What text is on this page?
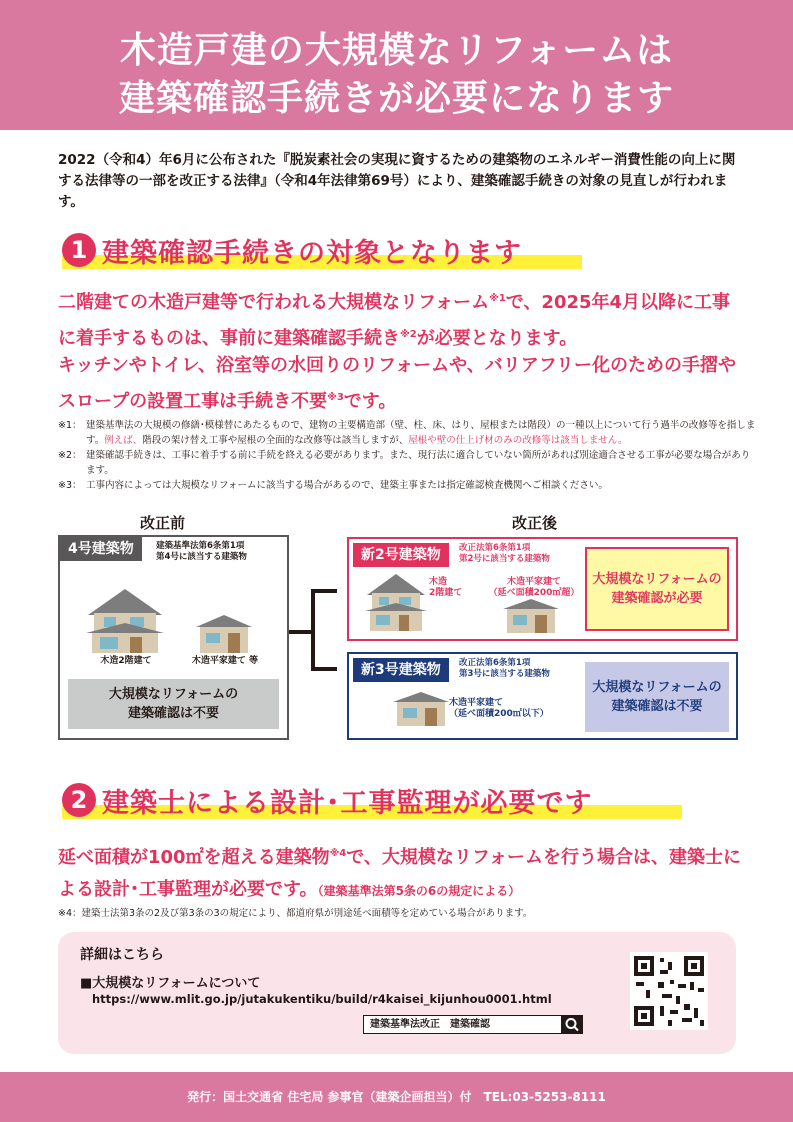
木造戸建の大規模なリフォームは
建築確認手続きが必要になります
2022（令和4）年6月に公布された『脱炭素社会の実現に資するための建築物のエネルギー消費性能の向上に関する法律等の一部を改正する法律』（令和4年法律第69号）により、建築確認手続きの対象の見直しが行われます。
1 建築確認手続きの対象となります
二階建ての木造戸建等で行われる大規模なリフォーム$^{※1}$で、2025年4月以降に工事に着手するものは、事前に建築確認手続き$^{※2}$が必要となります。
キッチンやトイレ、浴室等の水回りのリフォームや、バリアフリー化のための手摺やスロープの設置工事は手続き不要$^{※3}$です。
※1： 建築基準法の大規模の修繕･模様替にあたるもので、建物の主要構造部（壁、柱、床、はり、屋根または階段）の一種以上について行う過半の改修等を指します。例えば、階段の架け替え工事や屋根の全面的な改修等は該当しますが、屋根や壁の仕上げ材のみの改修等は該当しません。
※2： 建築確認手続きは、工事に着手する前に手続を終える必要があります。また、現行法に適合していない箇所があれば別途適合させる工事が必要な場合があります。
※3： 工事内容によっては大規模なリフォームに該当する場合があるので、建築主事または指定確認検査機関へご相談ください。
改正前	改正後
4号建築物	建築基準法第6条第1項
第4号に該当する建築物
木造2階建て	木造平家建て 等
大規模なリフォームの
建築確認は不要
新2号建築物	改正法第6条第1項
第2号に該当する建築物
木造
2階建て
木造平家建て
（延べ面積200㎡超）
大規模なリフォームの
建築確認が必要
新3号建築物	改正法第6条第1項
第3号に該当する建築物
木造平家建て
（延べ面積200㎡以下）
大規模なリフォームの
建築確認は不要
2 建築士による設計･工事監理が必要です
延べ面積が100㎡を超える建築物$^{※4}$で、大規模なリフォームを行う場合は、建築士による設計･工事監理が必要です。（建築基準法第5条の6の規定による）
※4：建築士法第3条の2及び第3条の3の規定により、都道府県が別途延べ面積等を定めている場合があります。
詳細はこちら
■大規模なリフォームについて
https://www.mlit.go.jp/jutakukentiku/build/r4kaisei_kijunhou0001.html
建築基準法改正　建築確認
発行：国土交通省 住宅局 参事官（建築企画担当）付　TEL:03-5253-8111
